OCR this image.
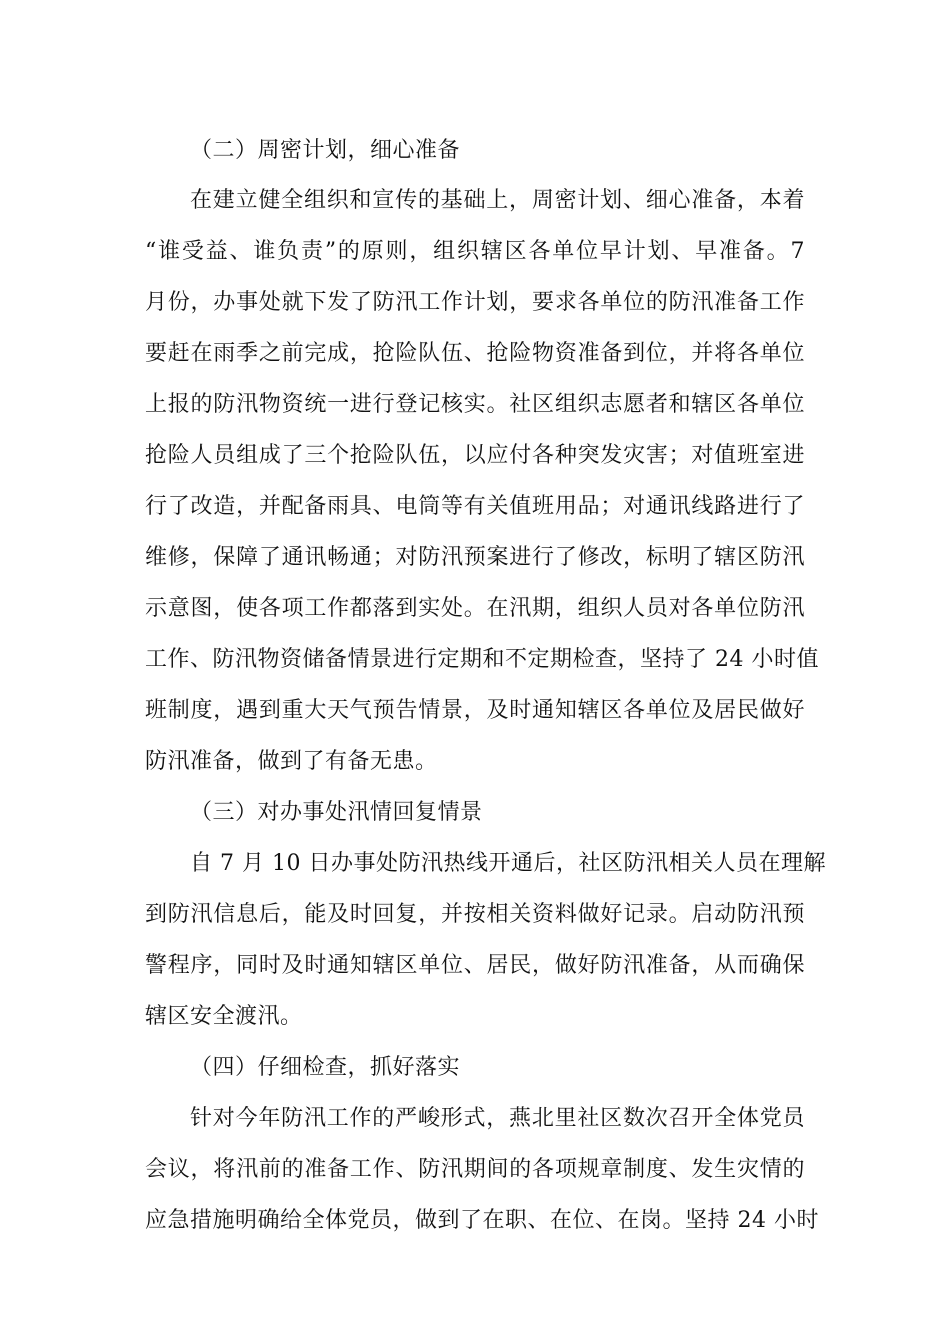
（二）周密计划，细心准备
在建立健全组织和宣传的基础上，周密计划、细心准备，本着
“谁受益、谁负责”的原则，组织辖区各单位早计划、早准备。7
月份，办事处就下发了防汛工作计划，要求各单位的防汛准备工作
要赶在雨季之前完成，抢险队伍、抢险物资准备到位，并将各单位
上报的防汛物资统一进行登记核实。社区组织志愿者和辖区各单位
抢险人员组成了三个抢险队伍，以应付各种突发灾害；对值班室进
行了改造，并配备雨具、电筒等有关值班用品；对通讯线路进行了
维修，保障了通讯畅通；对防汛预案进行了修改，标明了辖区防汛
示意图，使各项工作都落到实处。在汛期，组织人员对各单位防汛
工作、防汛物资储备情景进行定期和不定期检查，坚持了 24 小时值
班制度，遇到重大天气预告情景，及时通知辖区各单位及居民做好
防汛准备，做到了有备无患。
（三）对办事处汛情回复情景
自 7 月 10 日办事处防汛热线开通后，社区防汛相关人员在理解
到防汛信息后，能及时回复，并按相关资料做好记录。启动防汛预
警程序，同时及时通知辖区单位、居民，做好防汛准备，从而确保
辖区安全渡汛。
（四）仔细检查，抓好落实
针对今年防汛工作的严峻形式，燕北里社区数次召开全体党员
会议，将汛前的准备工作、防汛期间的各项规章制度、发生灾情的
应急措施明确给全体党员，做到了在职、在位、在岗。坚持 24 小时
